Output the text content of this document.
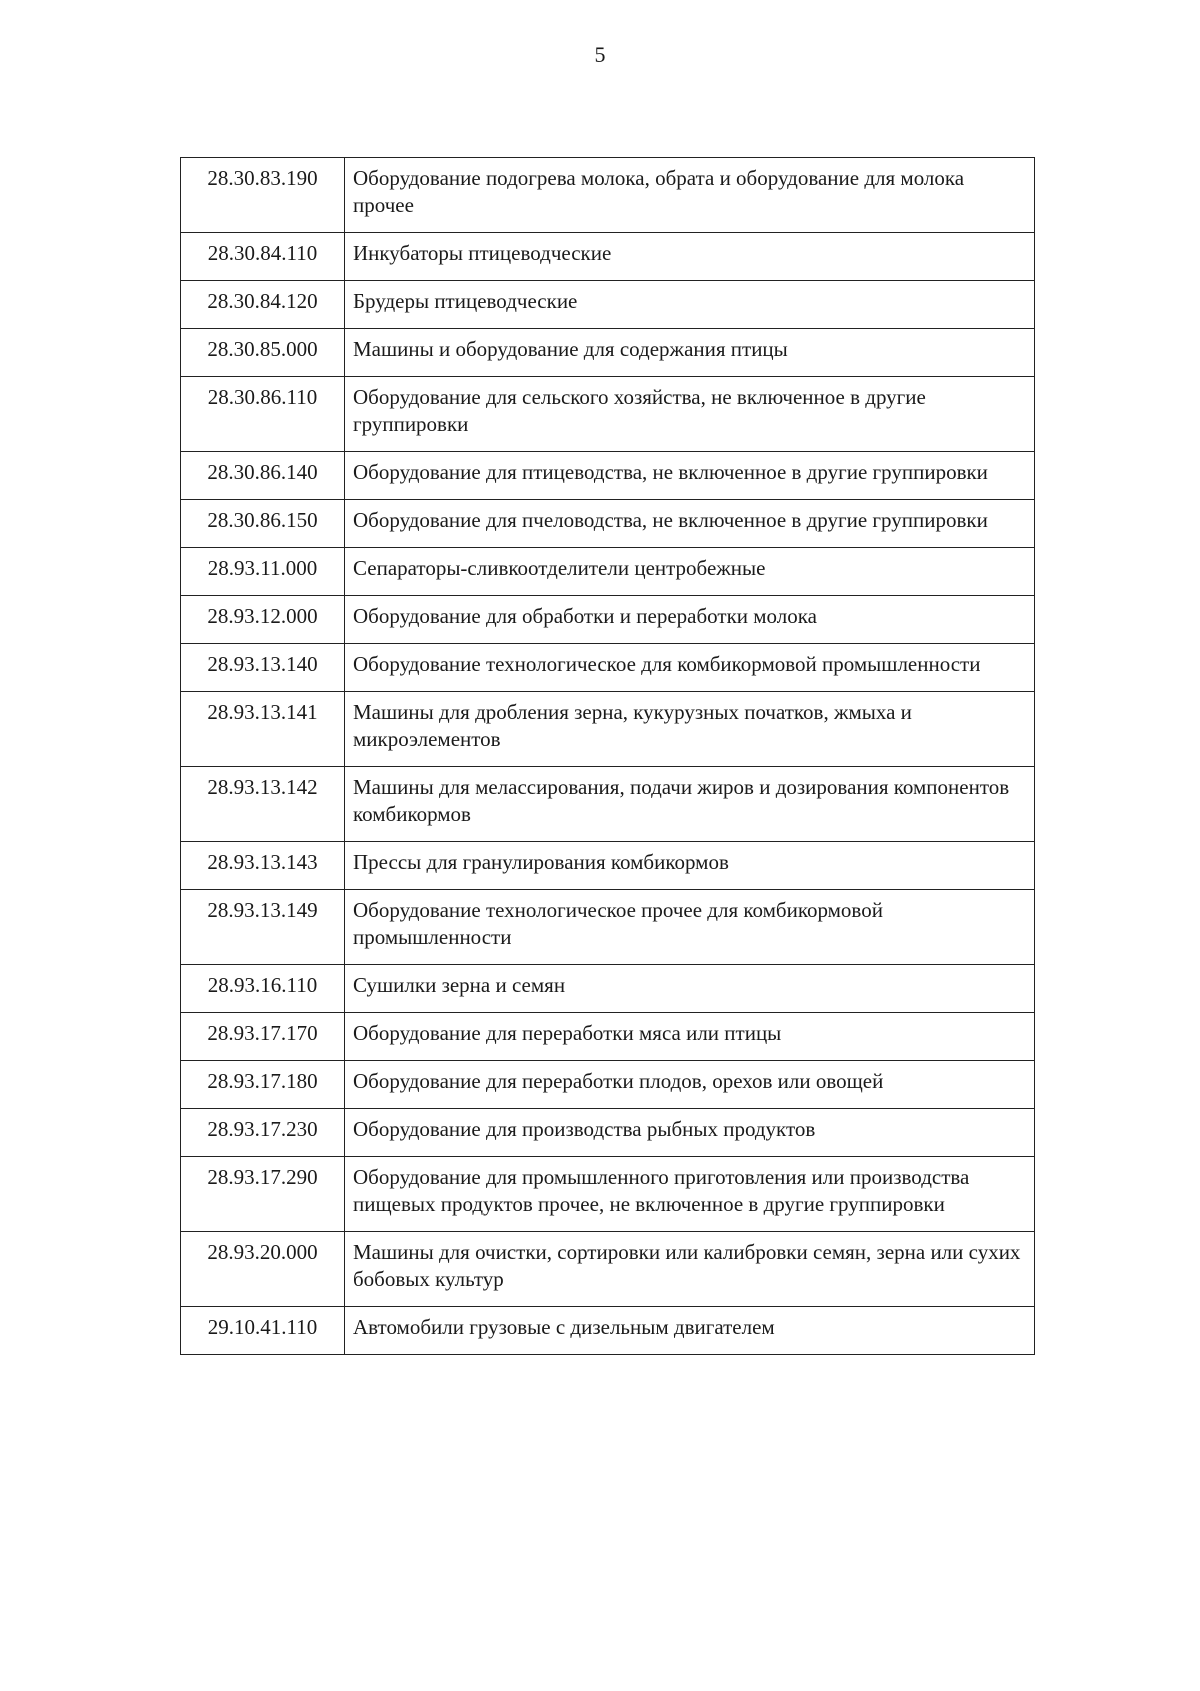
5
28.30.83.190	Оборудование подогрева молока, обрата и оборудование для молока прочее
28.30.84.110	Инкубаторы птицеводческие
28.30.84.120	Брудеры птицеводческие
28.30.85.000	Машины и оборудование для содержания птицы
28.30.86.110	Оборудование для сельского хозяйства, не включенное в другие группировки
28.30.86.140	Оборудование для птицеводства, не включенное в другие группировки
28.30.86.150	Оборудование для пчеловодства, не включенное в другие группировки
28.93.11.000	Сепараторы-сливкоотделители центробежные
28.93.12.000	Оборудование для обработки и переработки молока
28.93.13.140	Оборудование технологическое для комбикормовой промышленности
28.93.13.141	Машины для дробления зерна, кукурузных початков, жмыха и микроэлементов
28.93.13.142	Машины для мелассирования, подачи жиров и дозирования компонентов комбикормов
28.93.13.143	Прессы для гранулирования комбикормов
28.93.13.149	Оборудование технологическое прочее для комбикормовой промышленности
28.93.16.110	Сушилки зерна и семян
28.93.17.170	Оборудование для переработки мяса или птицы
28.93.17.180	Оборудование для переработки плодов, орехов или овощей
28.93.17.230	Оборудование для производства рыбных продуктов
28.93.17.290	Оборудование для промышленного приготовления или производства пищевых продуктов прочее, не включенное в другие группировки
28.93.20.000	Машины для очистки, сортировки или калибровки семян, зерна или сухих бобовых культур
29.10.41.110	Автомобили грузовые с дизельным двигателем
